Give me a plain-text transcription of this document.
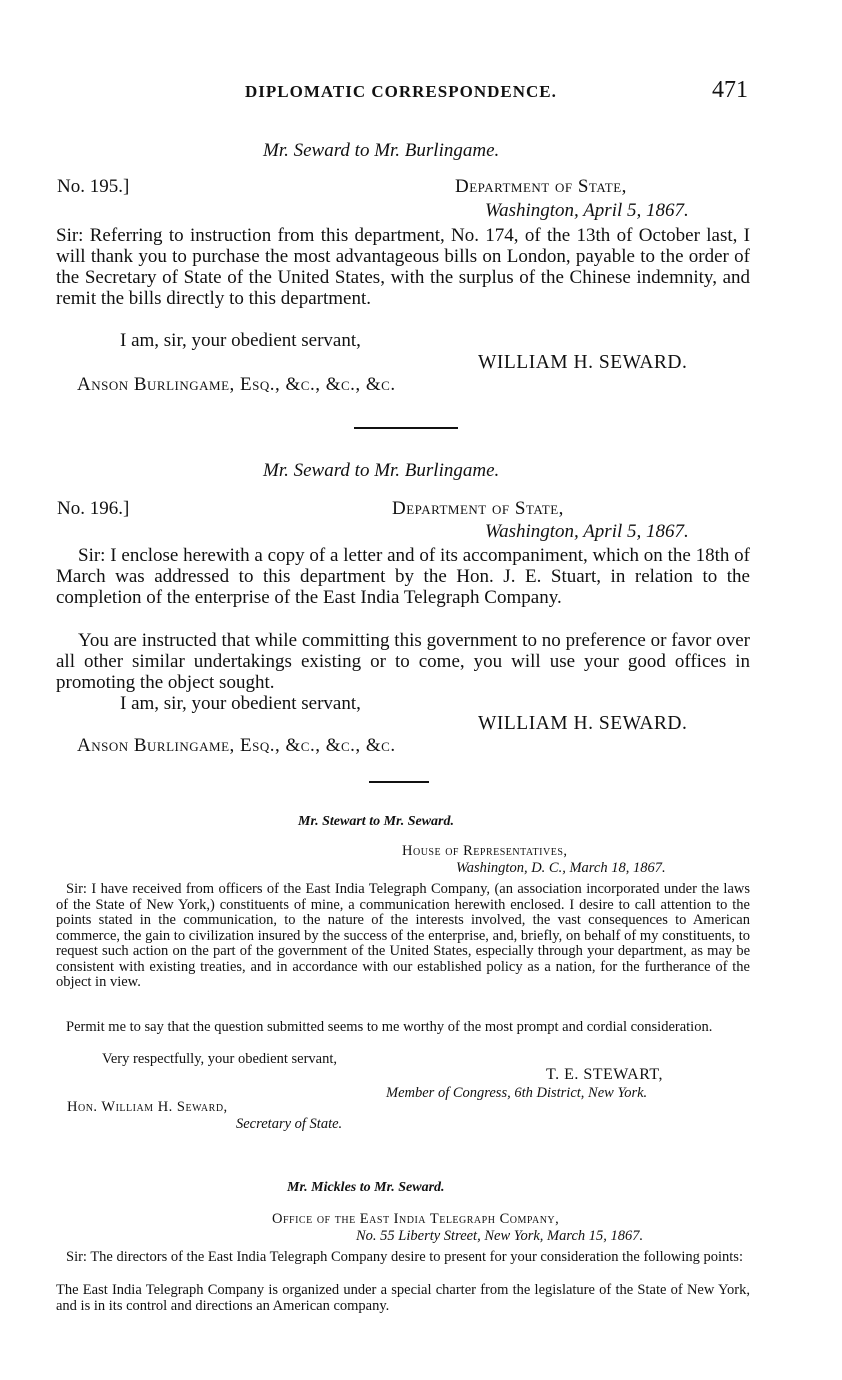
DIPLOMATIC CORRESPONDENCE.	471
Mr. Seward to Mr. Burlingame.
No. 195.]	Department of State,
Washington, April 5, 1867.
Sir: Referring to instruction from this department, No. 174, of the 13th of October last, I will thank you to purchase the most advantageous bills on London, payable to the order of the Secretary of State of the United States, with the surplus of the Chinese indemnity, and remit the bills directly to this department.
I am, sir, your obedient servant,
WILLIAM H. SEWARD.
Anson Burlingame, Esq., &c., &c., &c.
Mr. Seward to Mr. Burlingame.
No. 196.]	Department of State,
Washington, April 5, 1867.
Sir: I enclose herewith a copy of a letter and of its accompaniment, which on the 18th of March was addressed to this department by the Hon. J. E. Stuart, in relation to the completion of the enterprise of the East India Telegraph Company.
You are instructed that while committing this government to no preference or favor over all other similar undertakings existing or to come, you will use your good offices in promoting the object sought.
I am, sir, your obedient servant,
WILLIAM H. SEWARD.
Anson Burlingame, Esq., &c., &c., &c.
Mr. Stewart to Mr. Seward.
House of Representatives,
Washington, D. C., March 18, 1867.
Sir: I have received from officers of the East India Telegraph Company, (an association incorporated under the laws of the State of New York,) constituents of mine, a communication herewith enclosed. I desire to call attention to the points stated in the communication, to the nature of the interests involved, the vast consequences to American commerce, the gain to civilization insured by the success of the enterprise, and, briefly, on behalf of my constituents, to request such action on the part of the government of the United States, especially through your department, as may be consistent with existing treaties, and in accordance with our established policy as a nation, for the furtherance of the object in view.
Permit me to say that the question submitted seems to me worthy of the most prompt and cordial consideration.
Very respectfully, your obedient servant,
T. E. STEWART,
Member of Congress, 6th District, New York.
Hon. William H. Seward,
Secretary of State.
Mr. Mickles to Mr. Seward.
Office of the East India Telegraph Company,
No. 55 Liberty Street, New York, March 15, 1867.
Sir: The directors of the East India Telegraph Company desire to present for your consideration the following points:
The East India Telegraph Company is organized under a special charter from the legislature of the State of New York, and is in its control and directions an American company.
